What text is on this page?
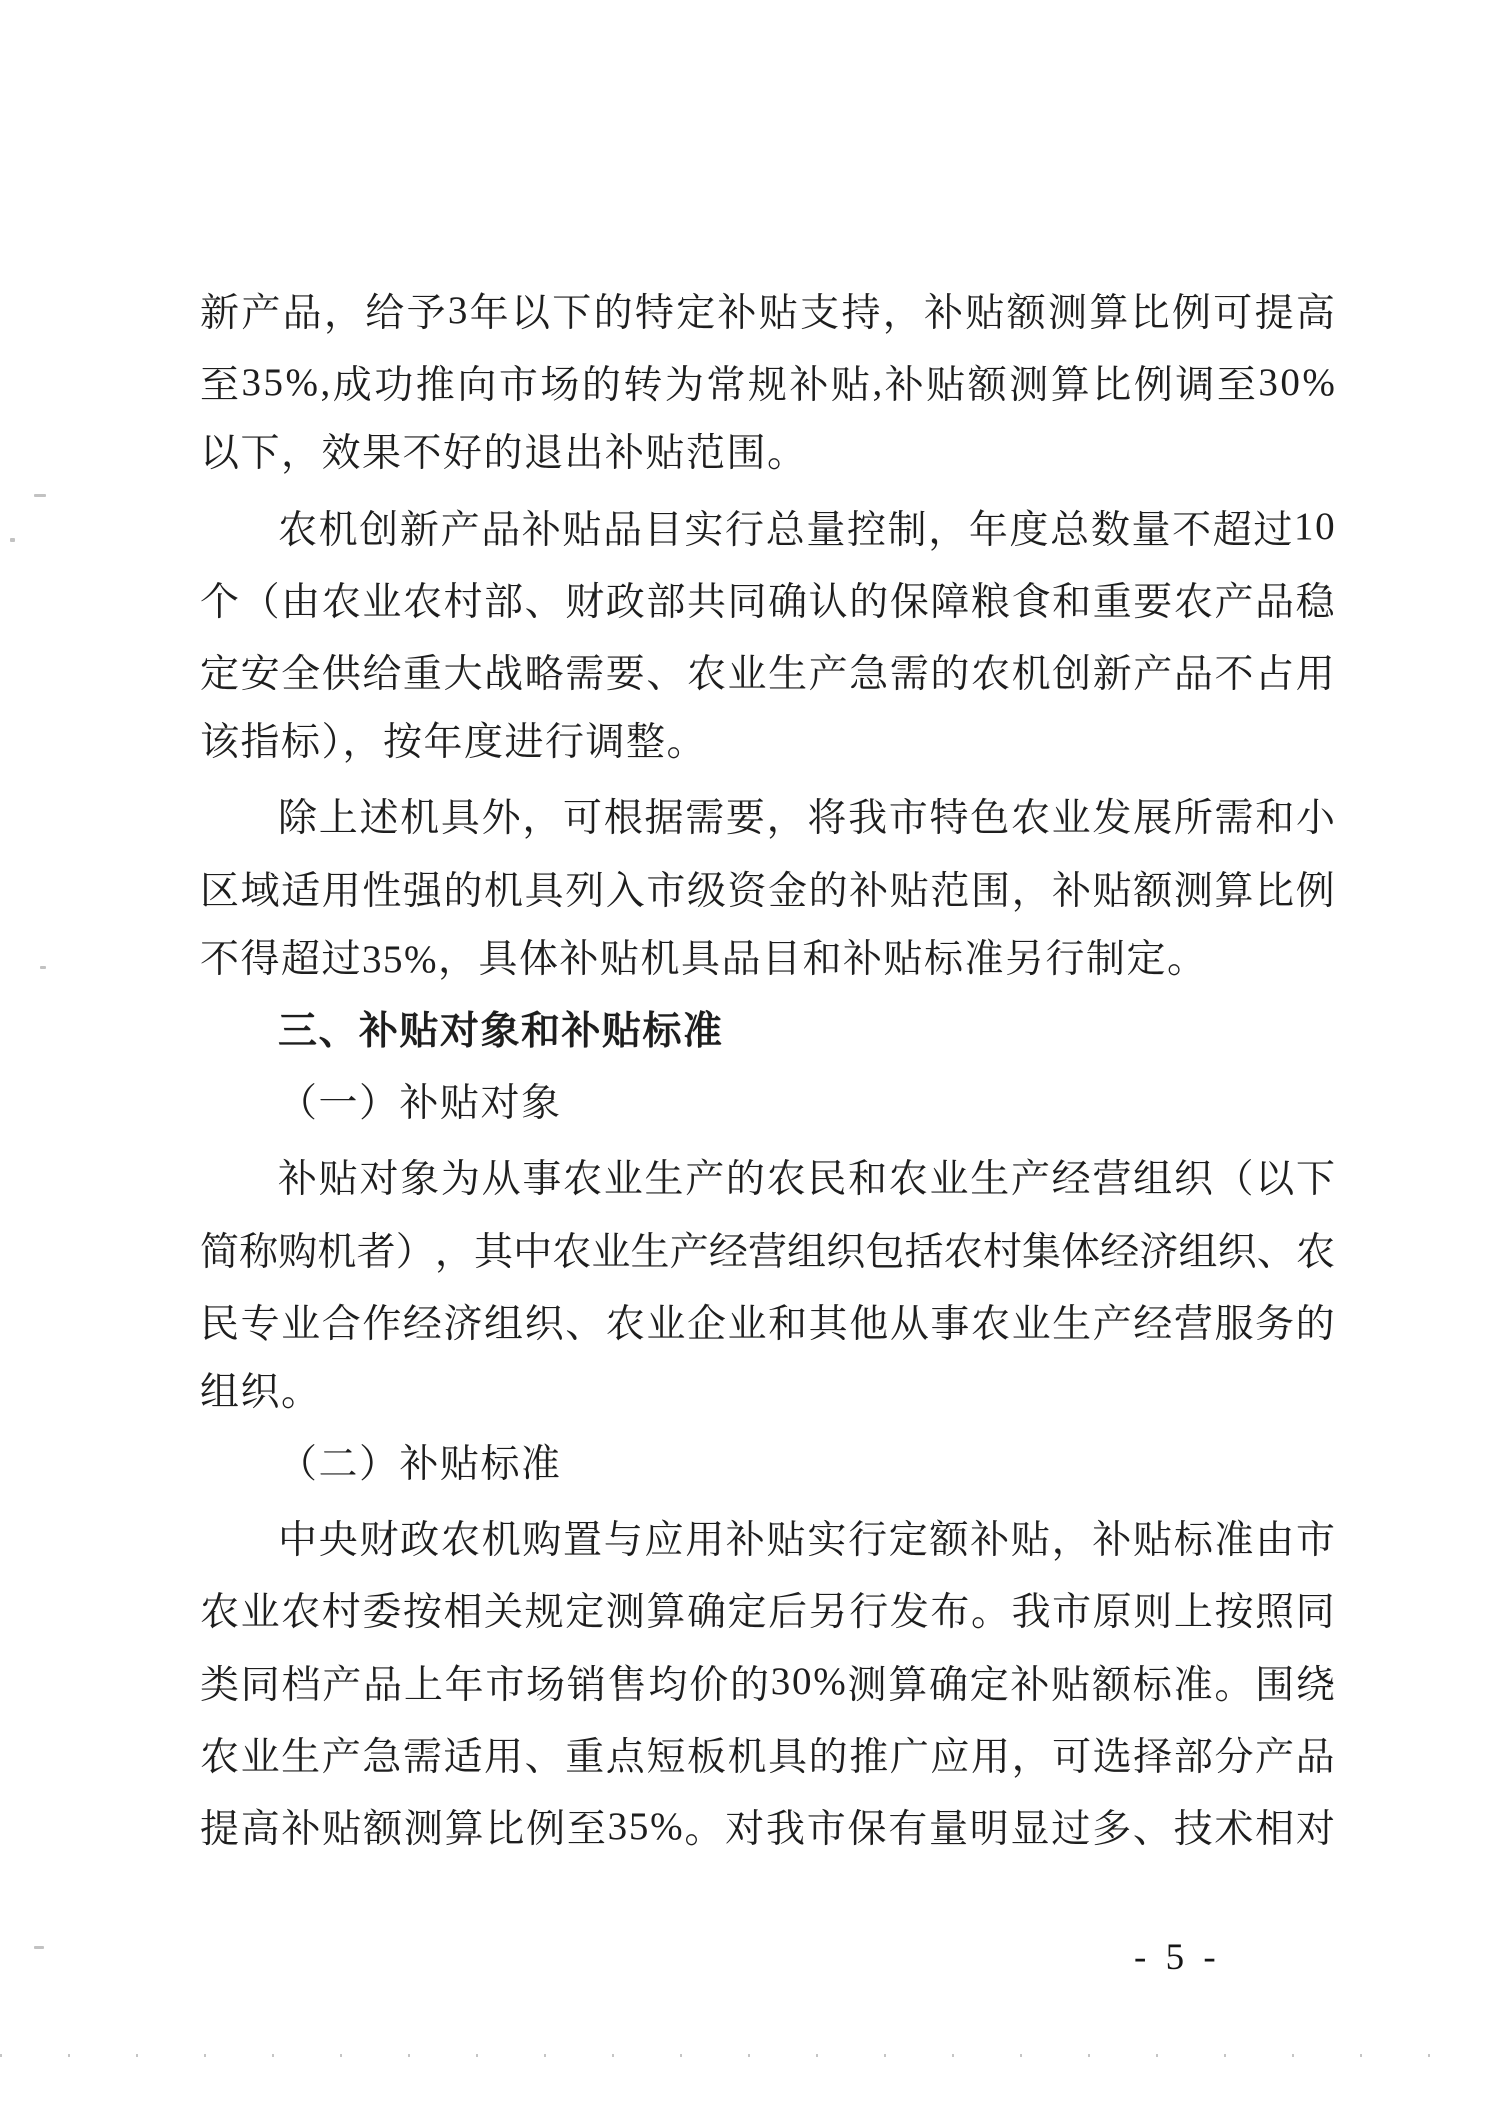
新 产 品 ， 给 予 3 年 以 下 的 特 定 补 贴 支 持 ， 补 贴 额 测 算 比 例 可 提 高
至 3 5 % , 成 功 推 向 市 场 的 转 为 常 规 补 贴 , 补 贴 额 测 算 比 例 调 至 3 0 %
以下，效果不好的退出补贴范围。
农 机 创 新 产 品 补 贴 品 目 实 行 总 量 控 制 ， 年 度 总 数 量 不 超 过 1 0
个 （ 由 农 业 农 村 部 、 财 政 部 共 同 确 认 的 保 障 粮 食 和 重 要 农 产 品 稳
定 安 全 供 给 重 大 战 略 需 要 、 农 业 生 产 急 需 的 农 机 创 新 产 品 不 占 用
该指标），按年度进行调整。
除 上 述 机 具 外 ， 可 根 据 需 要 ， 将 我 市 特 色 农 业 发 展 所 需 和 小
区 域 适 用 性 强 的 机 具 列 入 市 级 资 金 的 补 贴 范 围 ， 补 贴 额 测 算 比 例
不得超过35%，具体补贴机具品目和补贴标准另行制定。
三、补贴对象和补贴标准
（一）补贴对象
补 贴 对 象 为 从 事 农 业 生 产 的 农 民 和 农 业 生 产 经 营 组 织 （ 以 下
简 称 购 机 者 ） ， 其 中 农 业 生 产 经 营 组 织 包 括 农 村 集 体 经 济 组 织 、 农
民 专 业 合 作 经 济 组 织 、 农 业 企 业 和 其 他 从 事 农 业 生 产 经 营 服 务 的
组织。
（二）补贴标准
中 央 财 政 农 机 购 置 与 应 用 补 贴 实 行 定 额 补 贴 ， 补 贴 标 准 由 市
农 业 农 村 委 按 相 关 规 定 测 算 确 定 后 另 行 发 布 。 我 市 原 则 上 按 照 同
类 同 档 产 品 上 年 市 场 销 售 均 价 的 3 0 % 测 算 确 定 补 贴 额 标 准 。 围 绕
农 业 生 产 急 需 适 用 、 重 点 短 板 机 具 的 推 广 应 用 ， 可 选 择 部 分 产 品
提 高 补 贴 额 测 算 比 例 至 3 5 % 。 对 我 市 保 有 量 明 显 过 多 、 技 术 相 对
- 5 -
